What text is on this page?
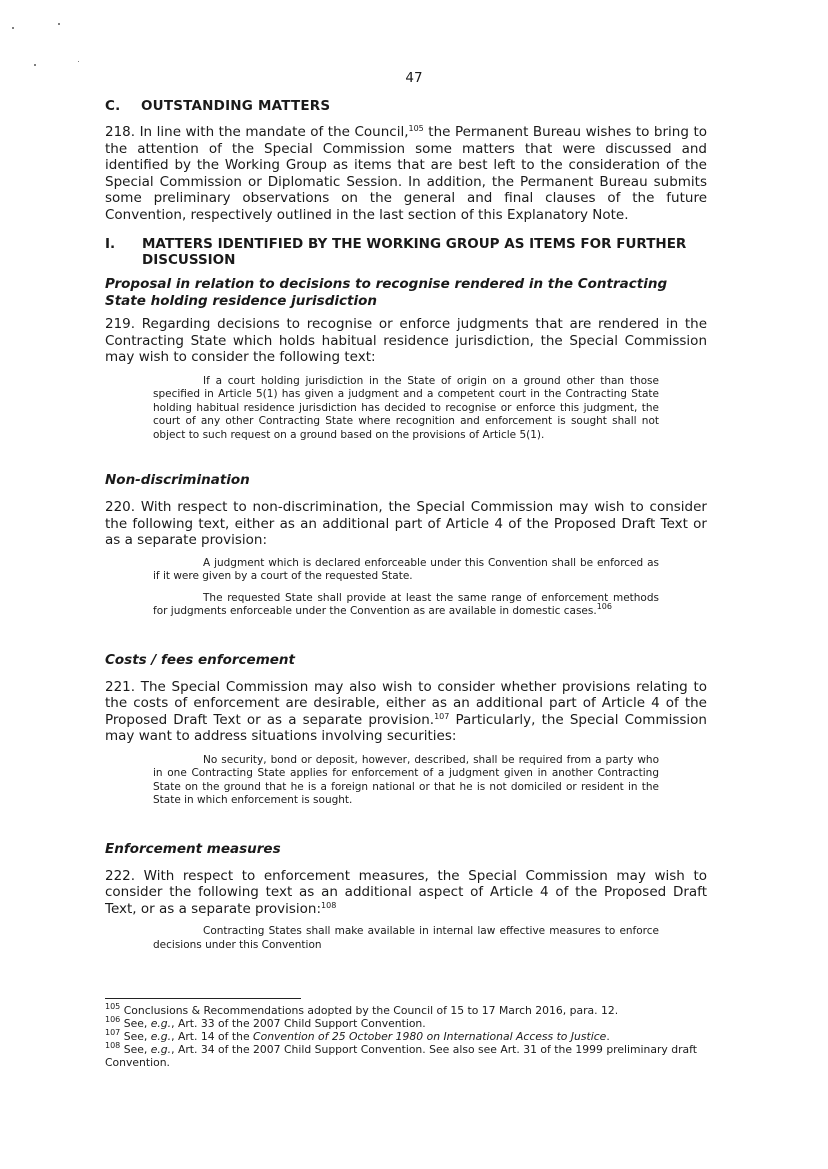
47
C. OUTSTANDING MATTERS

218. In line with the mandate of the Council,$^{105}$ the Permanent Bureau wishes to bring to the attention of the Special Commission some matters that were discussed and identified by the Working Group as items that are best left to the consideration of the Special Commission or Diplomatic Session. In addition, the Permanent Bureau submits some preliminary observations on the general and final clauses of the future Convention, respectively outlined in the last section of this Explanatory Note.

I.	MATTERS IDENTIFIED BY THE WORKING GROUP AS ITEMS FOR FURTHER DISCUSSION
Proposal in relation to decisions to recognise rendered in the Contracting State holding residence jurisdiction

219. Regarding decisions to recognise or enforce judgments that are rendered in the Contracting State which holds habitual residence jurisdiction, the Special Commission may wish to consider the following text:

If a court holding jurisdiction in the State of origin on a ground other than those specified in Article 5(1) has given a judgment and a competent court in the Contracting State holding habitual residence jurisdiction has decided to recognise or enforce this judgment, the court of any other Contracting State where recognition and enforcement is sought shall not object to such request on a ground based on the provisions of Article 5(1).

Non-discrimination

220. With respect to non-discrimination, the Special Commission may wish to consider the following text, either as an additional part of Article 4 of the Proposed Draft Text or as a separate provision:

A judgment which is declared enforceable under this Convention shall be enforced as if it were given by a court of the requested State.

The requested State shall provide at least the same range of enforcement methods for judgments enforceable under the Convention as are available in domestic cases.$^{106}$

Costs / fees enforcement

221. The Special Commission may also wish to consider whether provisions relating to the costs of enforcement are desirable, either as an additional part of Article 4 of the Proposed Draft Text or as a separate provision.$^{107}$ Particularly, the Special Commission may want to address situations involving securities:

No security, bond or deposit, however, described, shall be required from a party who in one Contracting State applies for enforcement of a judgment given in another Contracting State on the ground that he is a foreign national or that he is not domiciled or resident in the State in which enforcement is sought.

Enforcement measures

222. With respect to enforcement measures, the Special Commission may wish to consider the following text as an additional aspect of Article 4 of the Proposed Draft Text, or as a separate provision:$^{108}$

Contracting States shall make available in internal law effective measures to enforce decisions under this Convention

$^{105}$ Conclusions & Recommendations adopted by the Council of 15 to 17 March 2016, para. 12.
$^{106}$ See, e.g., Art. 33 of the 2007 Child Support Convention.
$^{107}$ See, e.g., Art. 14 of the Convention of 25 October 1980 on International Access to Justice.
$^{108}$ See, e.g., Art. 34 of the 2007 Child Support Convention. See also see Art. 31 of the 1999 preliminary draft Convention.
